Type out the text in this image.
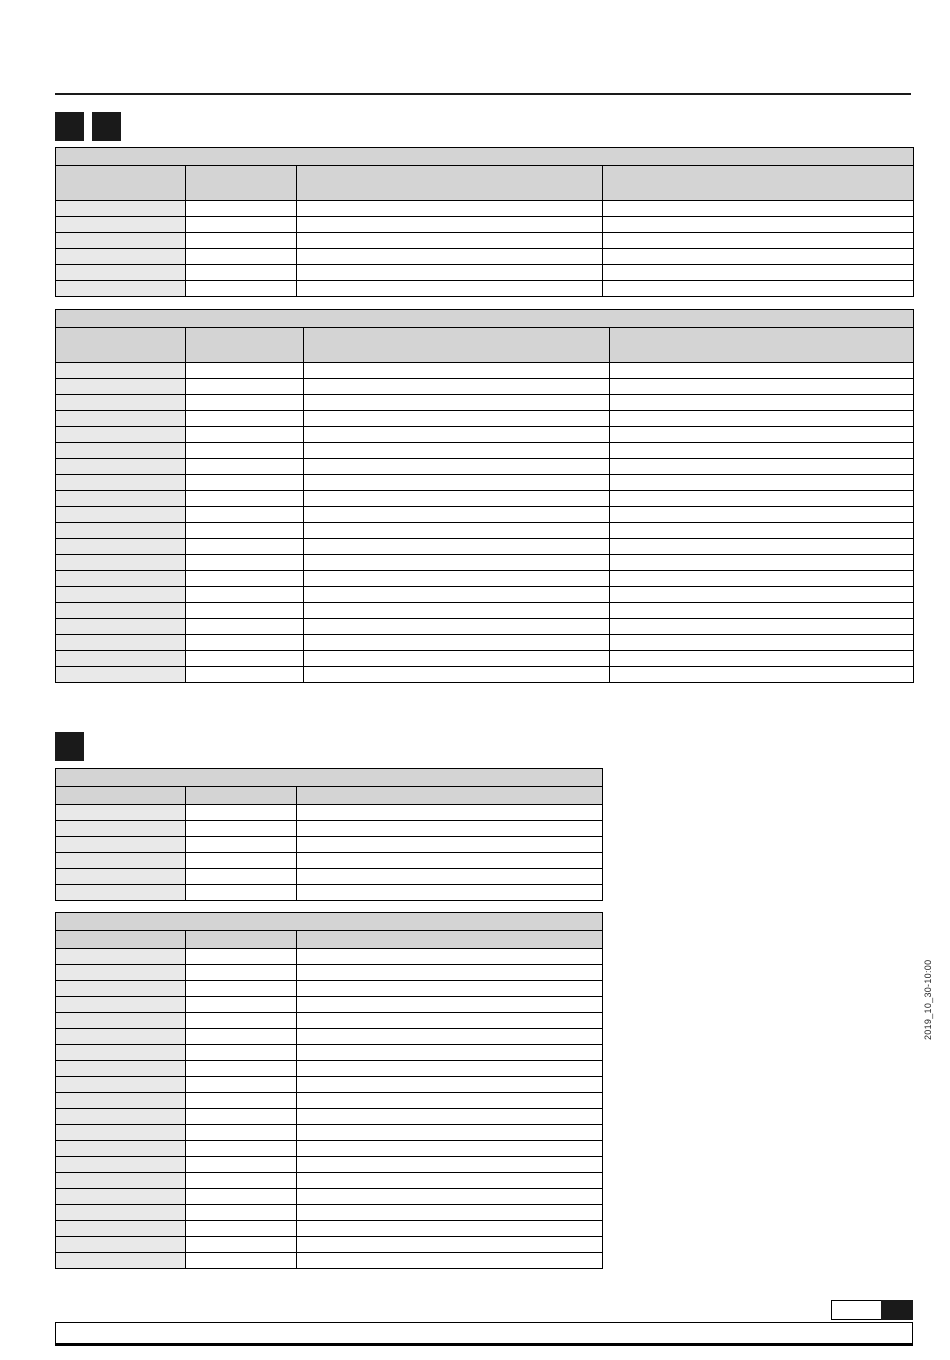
2019_10_30-10:00
